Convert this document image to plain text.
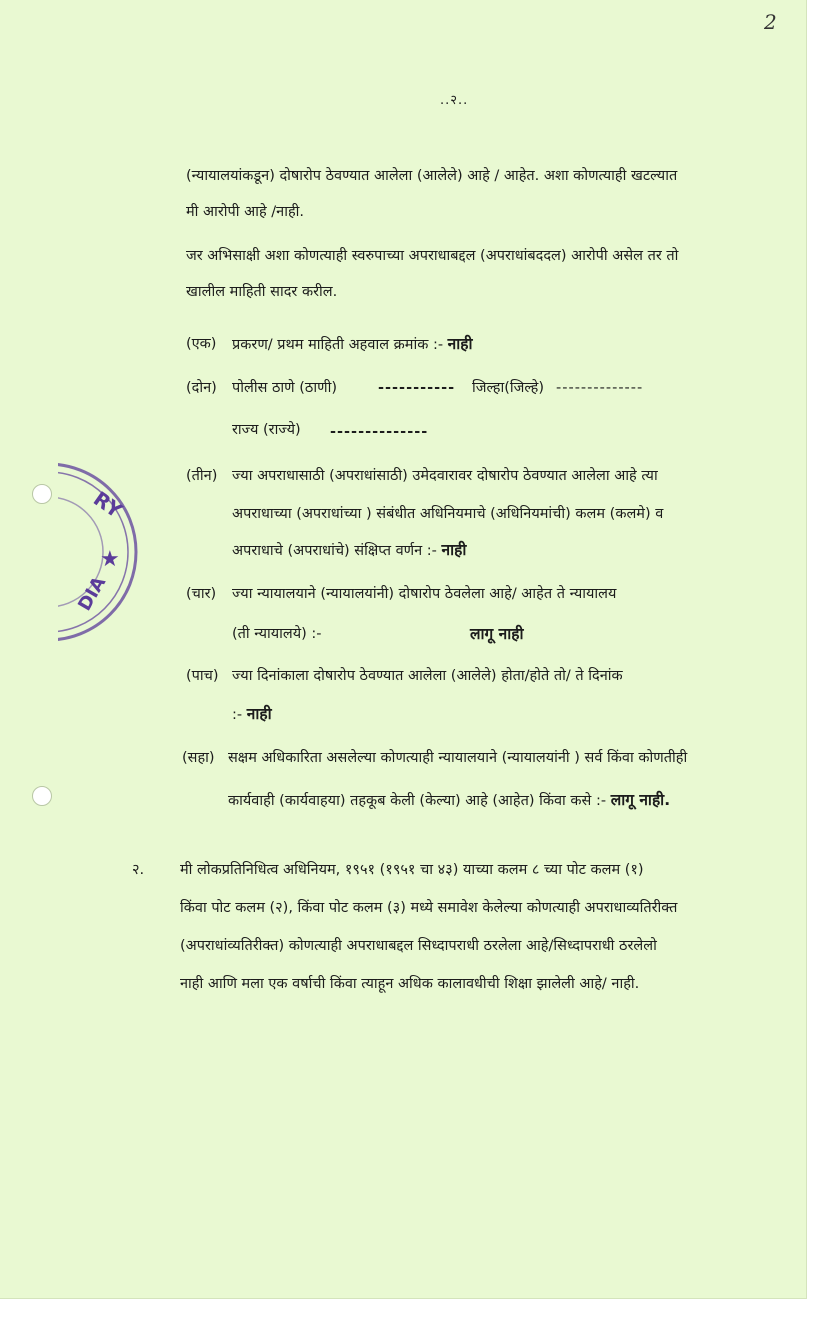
2
..२..
RY
DIA
★
(न्यायालयांकडून) दोषारोप ठेवण्यात आलेला (आलेले) आहे / आहेत. अशा कोणत्याही खटल्यात
मी आरोपी आहे /नाही.
जर अभिसाक्षी अशा कोणत्याही स्वरुपाच्या अपराधाबद्दल (अपराधांबददल) आरोपी असेल तर तो
खालील माहिती सादर करील.
(एक) प्रकरण/ प्रथम माहिती अहवाल क्रमांक :- नाही
(दोन) पोलीस ठाणे (ठाणी)	----------- जिल्हा(जिल्हे) --------------
राज्य (राज्ये) --------------
(तीन) ज्या अपराधासाठी (अपराधांसाठी) उमेदवारावर दोषारोप ठेवण्यात आलेला आहे त्या
अपराधाच्या (अपराधांच्या ) संबंधीत अधिनियमाचे (अधिनियमांची) कलम (कलमे) व
अपराधाचे (अपराधांचे) संक्षिप्त वर्णन :- नाही
(चार) ज्या न्यायालयाने (न्यायालयांनी) दोषारोप ठेवलेला आहे/ आहेत ते न्यायालय
(ती न्यायालये) :-	लागू नाही
(पाच) ज्या दिनांकाला दोषारोप ठेवण्यात आलेला (आलेले) होता/होते तो/ ते दिनांक
:- नाही
(सहा) सक्षम अधिकारिता असलेल्या कोणत्याही न्यायालयाने (न्यायालयांनी ) सर्व किंवा कोणतीही
कार्यवाही (कार्यवाहया) तहकूब केली (केल्या) आहे (आहेत) किंवा कसे :- लागू नाही.
२. मी लोकप्रतिनिधित्व अधिनियम, १९५१ (१९५१ चा ४३) याच्या कलम ८ च्या पोट कलम (१)
किंवा पोट कलम (२), किंवा पोट कलम (३) मध्ये समावेश केलेल्या कोणत्याही अपराधाव्यतिरीक्त
(अपराधांव्यतिरीक्त) कोणत्याही अपराधाबद्दल सिध्दापराधी ठरलेला आहे/सिध्दापराधी ठरलेलो
नाही आणि मला एक वर्षाची किंवा त्याहून अधिक कालावधीची शिक्षा झालेली आहे/ नाही.
